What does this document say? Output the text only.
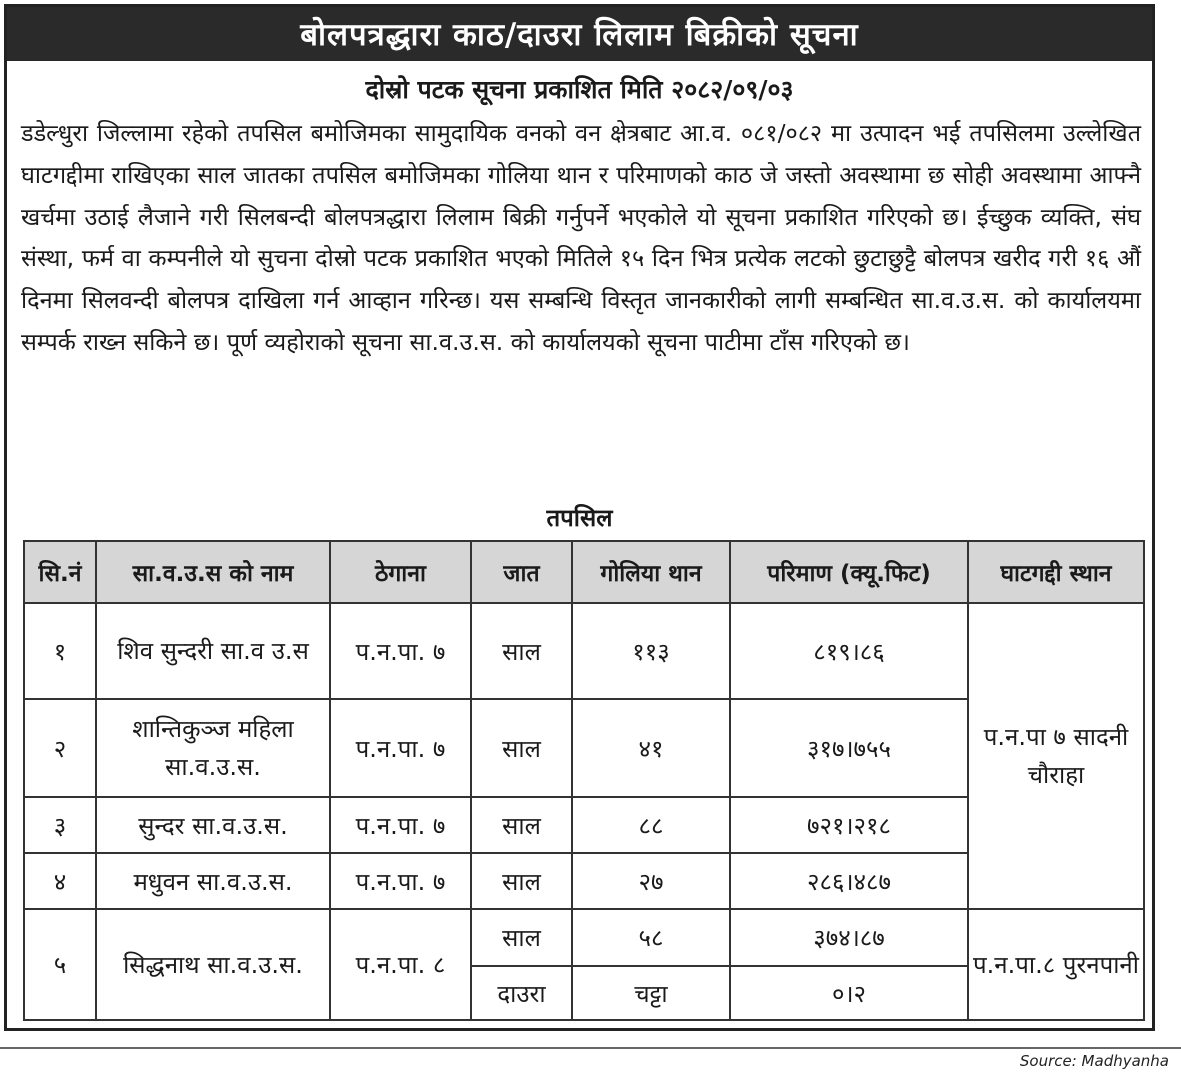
बोलपत्रद्धारा काठ/दाउरा लिलाम बिक्रीको सूचना
दोस्रो पटक सूचना प्रकाशित मिति २०८२/०९/०३

डडेल्धुरा जिल्लामा रहेको तपसिल बमोजिमका सामुदायिक वनको वन क्षेत्रबाट आ.व. ०८१/०८२ मा उत्पादन भई तपसिलमा उल्लेखित घाटगद्दीमा राखिएका साल जातका तपसिल बमोजिमका गोलिया थान र परिमाणको काठ जे जस्तो अवस्थामा छ सोही अवस्थामा आफ्नै खर्चमा उठाई लैजाने गरी सिलबन्दी बोलपत्रद्धारा लिलाम बिक्री गर्नुपर्ने भएकोले यो सूचना प्रकाशित गरिएको छ। ईच्छुक व्यक्ति, संघ संस्था, फर्म वा कम्पनीले यो सुचना दोस्रो पटक प्रकाशित भएको मितिले १५ दिन भित्र प्रत्येक लटको छुटाछुट्टै बोलपत्र खरीद गरी १६ औं दिनमा सिलवन्दी बोलपत्र दाखिला गर्न आव्हान गरिन्छ। यस सम्बन्धि विस्तृत जानकारीको लागी सम्बन्धित सा.व.उ.स. को कार्यालयमा सम्पर्क राख्न सकिने छ। पूर्ण व्यहोराको सूचना सा.व.उ.स. को कार्यालयको सूचना पाटीमा टाँस गरिएको छ।

तपसिल
सि.नं	सा.व.उ.स को नाम	ठेगाना	जात	गोलिया थान	परिमाण (क्यू.फिट)	घाटगद्दी स्थान
१	शिव सुन्दरी सा.व उ.स	प.न.पा. ७	साल	११३	८१९।८६	प.न.पा ७ सादनी चौराहा
२	शान्तिकुञ्ज महिला सा.व.उ.स.	प.न.पा. ७	साल	४१	३१७।७५५	
३	सुन्दर सा.व.उ.स.	प.न.पा. ७	साल	८८	७२१।२१८	
४	मधुवन सा.व.उ.स.	प.न.पा. ७	साल	२७	२८६।४८७	
५	सिद्धनाथ सा.व.उ.स.	प.न.पा. ८	साल	५८	३७४।८७	प.न.पा.८ पुरनपानी
			दाउरा	चट्टा	०।२	
Source: Madhyanha
